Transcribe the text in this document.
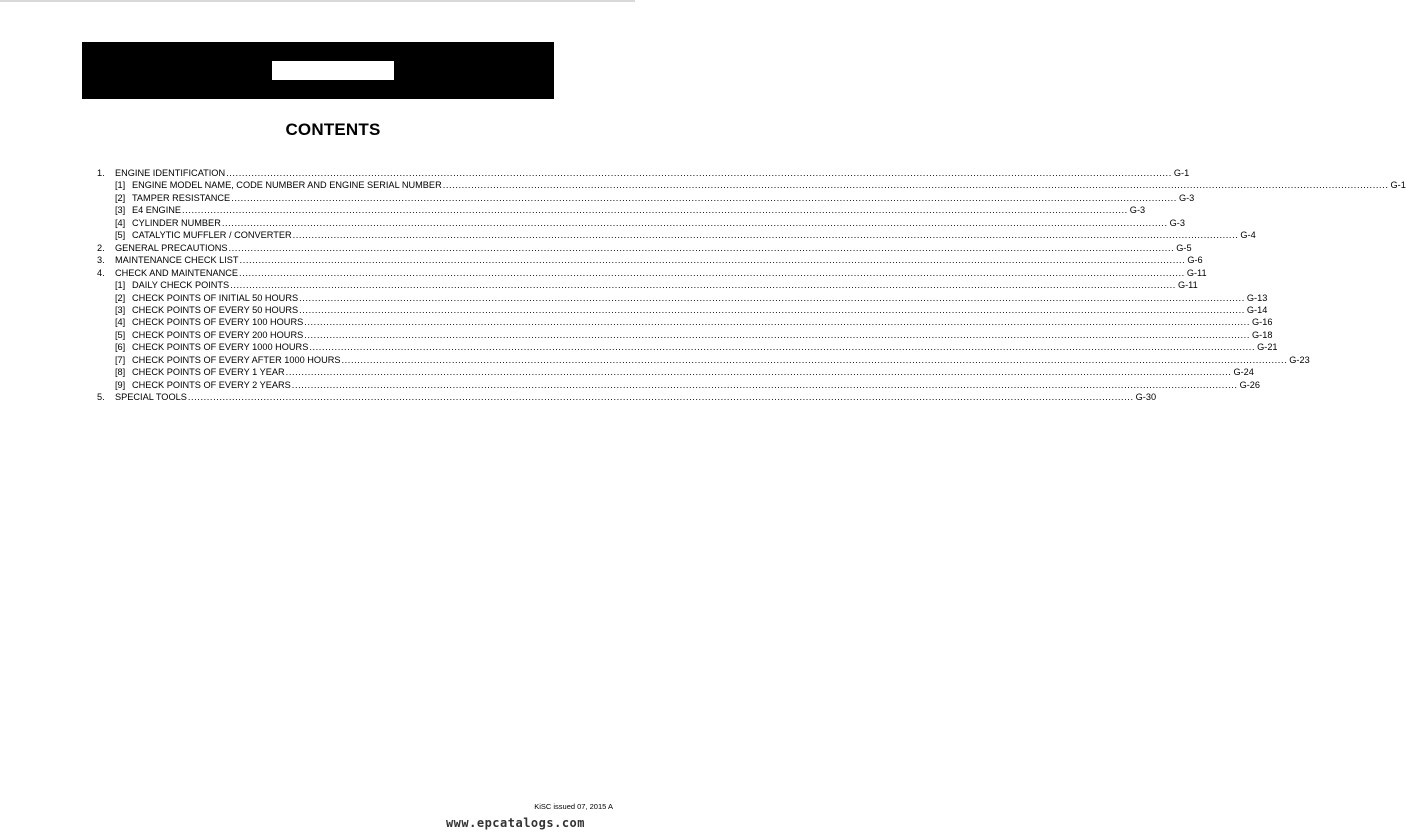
CONTENTS
1. ENGINE IDENTIFICATION ............................................................................................................................................................................................................................................................................................................ G-1
[1] ENGINE MODEL NAME, CODE NUMBER AND ENGINE SERIAL NUMBER ............................................................................................................................................................................................................................................................................................................ G-1
[2] TAMPER RESISTANCE ............................................................................................................................................................................................................................................................................................................ G-3
[3] E4 ENGINE ............................................................................................................................................................................................................................................................................................................ G-3
[4] CYLINDER NUMBER ............................................................................................................................................................................................................................................................................................................ G-3
[5] CATALYTIC MUFFLER / CONVERTER ............................................................................................................................................................................................................................................................................................................ G-4
2. GENERAL PRECAUTIONS ............................................................................................................................................................................................................................................................................................................ G-5
3. MAINTENANCE CHECK LIST ............................................................................................................................................................................................................................................................................................................ G-6
4. CHECK AND MAINTENANCE ............................................................................................................................................................................................................................................................................................................ G-11
[1] DAILY CHECK POINTS ............................................................................................................................................................................................................................................................................................................ G-11
[2] CHECK POINTS OF INITIAL 50 HOURS ............................................................................................................................................................................................................................................................................................................ G-13
[3] CHECK POINTS OF EVERY 50 HOURS ............................................................................................................................................................................................................................................................................................................ G-14
[4] CHECK POINTS OF EVERY 100 HOURS ............................................................................................................................................................................................................................................................................................................ G-16
[5] CHECK POINTS OF EVERY 200 HOURS ............................................................................................................................................................................................................................................................................................................ G-18
[6] CHECK POINTS OF EVERY 1000 HOURS ............................................................................................................................................................................................................................................................................................................ G-21
[7] CHECK POINTS OF EVERY AFTER 1000 HOURS ............................................................................................................................................................................................................................................................................................................ G-23
[8] CHECK POINTS OF EVERY 1 YEAR ............................................................................................................................................................................................................................................................................................................ G-24
[9] CHECK POINTS OF EVERY 2 YEARS ............................................................................................................................................................................................................................................................................................................ G-26
5. SPECIAL TOOLS ............................................................................................................................................................................................................................................................................................................ G-30
KiSC issued 07, 2015 A
www.epcatalogs.com
